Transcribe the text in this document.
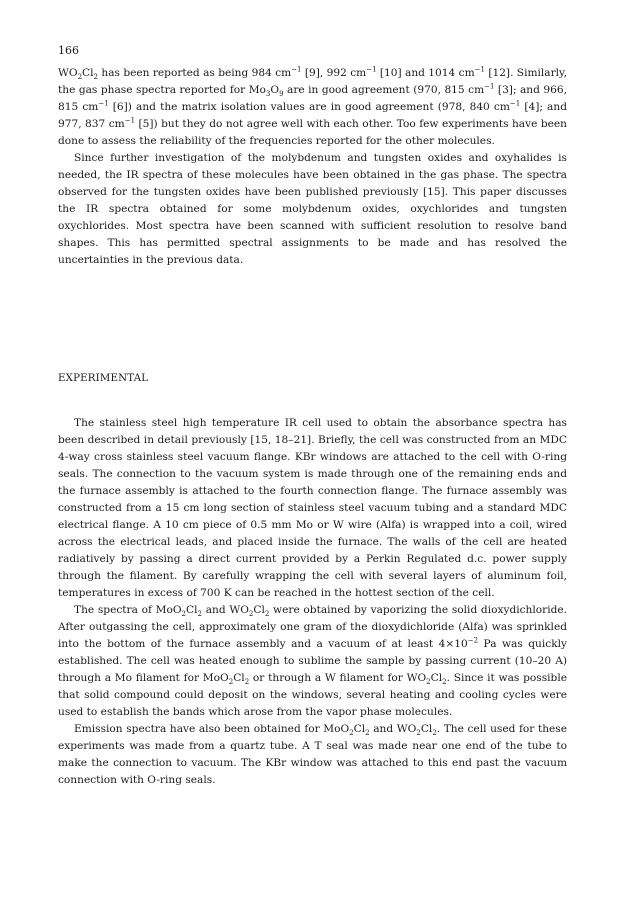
166

$WO_2Cl_2$ has been reported as being 984 $cm^{-1}$ [9], 992 $cm^{-1}$ [10] and 1014 $cm^{-1}$ [12]. Similarly, the gas phase spectra reported for $Mo_3O_9$ are in good agreement (970, 815 $cm^{-1}$ [3]; and 966, 815 $cm^{-1}$ [6]) and the matrix isolation values are in good agreement (978, 840 $cm^{-1}$ [4]; and 977, 837 $cm^{-1}$ [5]) but they do not agree well with each other. Too few experiments have been done to assess the reliability of the frequencies reported for the other molecules.

Since further investigation of the molybdenum and tungsten oxides and oxyhalides is needed, the IR spectra of these molecules have been obtained in the gas phase. The spectra observed for the tungsten oxides have been published previously [15]. This paper discusses the IR spectra obtained for some molybdenum oxides, oxychlorides and tungsten oxychlorides. Most spectra have been scanned with sufficient resolution to resolve band shapes. This has permitted spectral assignments to be made and has resolved the uncertainties in the previous data.

EXPERIMENTAL

The stainless steel high temperature IR cell used to obtain the absorbance spectra has been described in detail previously [15, 18–21]. Briefly, the cell was constructed from an MDC 4-way cross stainless steel vacuum flange. KBr windows are attached to the cell with O-ring seals. The connection to the vacuum system is made through one of the remaining ends and the furnace assembly is attached to the fourth connection flange. The furnace assembly was constructed from a 15 cm long section of stainless steel vacuum tubing and a standard MDC electrical flange. A 10 cm piece of 0.5 mm Mo or W wire (Alfa) is wrapped into a coil, wired across the electrical leads, and placed inside the furnace. The walls of the cell are heated radiatively by passing a direct current provided by a Perkin Regulated d.c. power supply through the filament. By carefully wrapping the cell with several layers of aluminum foil, temperatures in excess of 700 K can be reached in the hottest section of the cell.

The spectra of $MoO_2Cl_2$ and $WO_2Cl_2$ were obtained by vaporizing the solid dioxydichloride. After outgassing the cell, approximately one gram of the dioxydichloride (Alfa) was sprinkled into the bottom of the furnace assembly and a vacuum of at least $4\times 10^{-2}$ Pa was quickly established. The cell was heated enough to sublime the sample by passing current (10–20 A) through a Mo filament for $MoO_2Cl_2$ or through a W filament for $WO_2Cl_2$. Since it was possible that solid compound could deposit on the windows, several heating and cooling cycles were used to establish the bands which arose from the vapor phase molecules.

Emission spectra have also been obtained for $MoO_2Cl_2$ and $WO_2Cl_2$. The cell used for these experiments was made from a quartz tube. A T seal was made near one end of the tube to make the connection to vacuum. The KBr window was attached to this end past the vacuum connection with O-ring seals.
